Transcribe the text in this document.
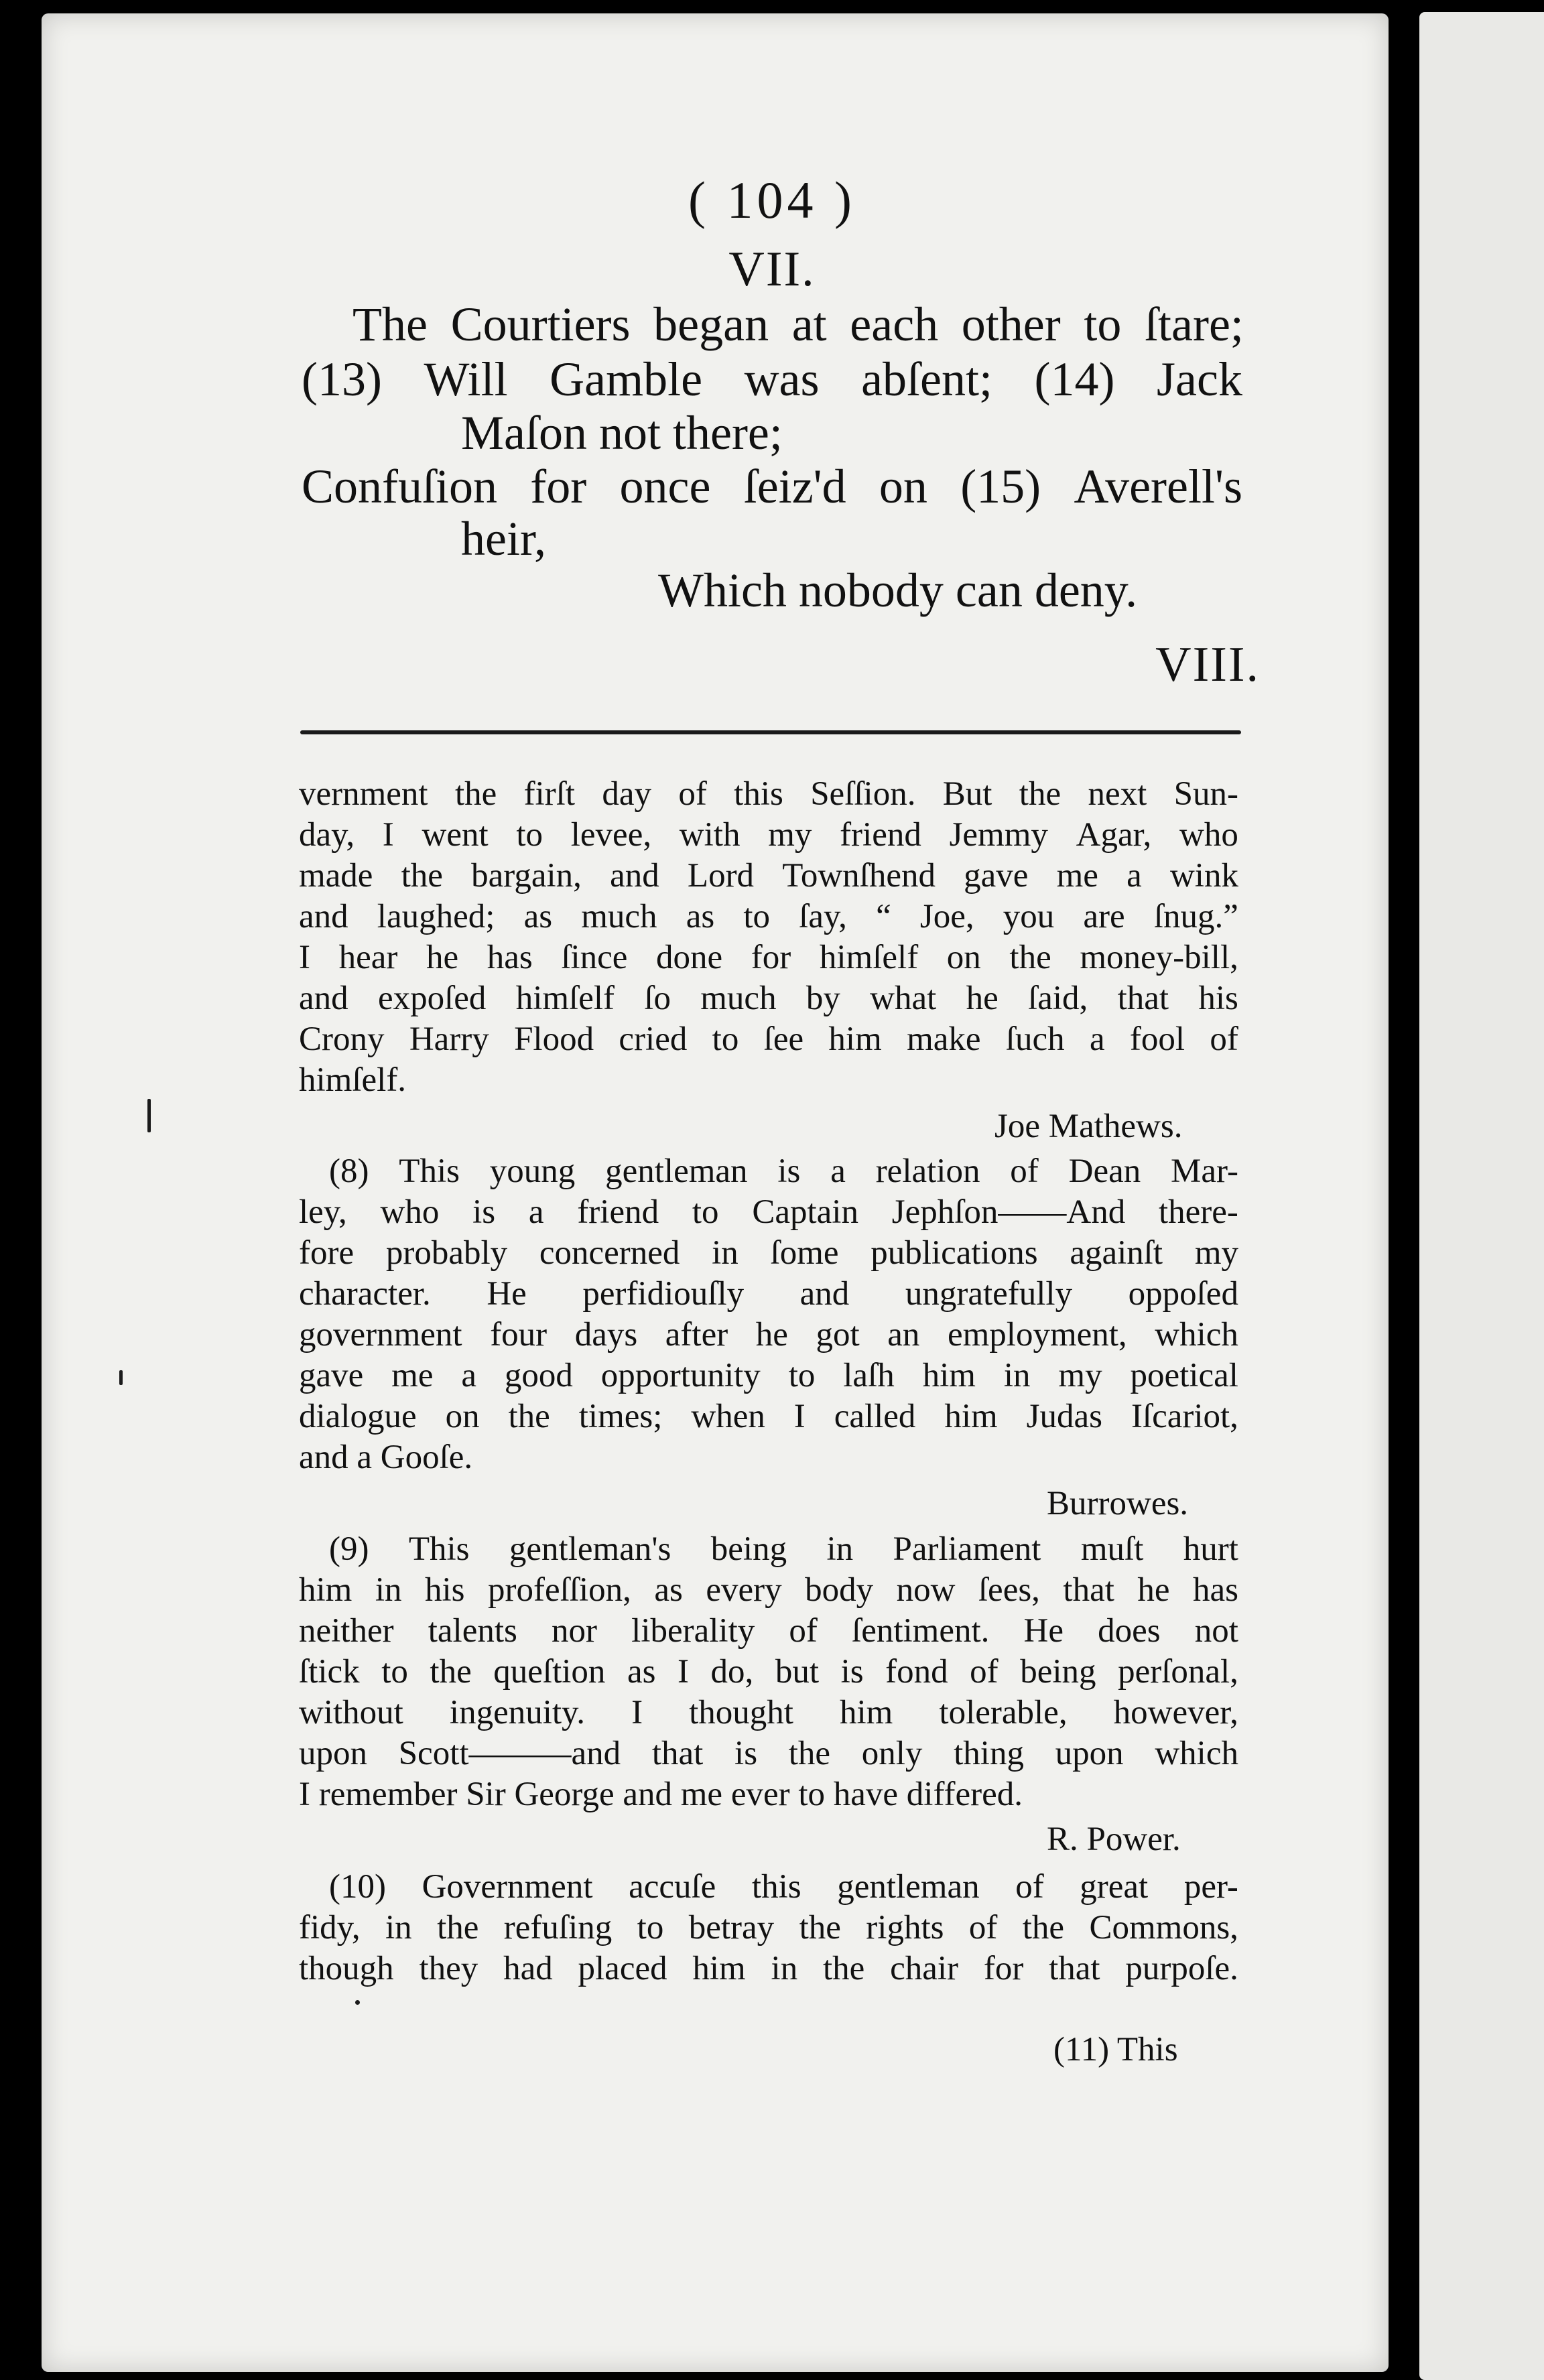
( 104 )
VII.
The Courtiers began at each other to ſtare;
(13) Will Gamble was abſent; (14) Jack
Maſon not there;
Confuſion for once ſeiz'd on (15) Averell's
heir,
Which nobody can deny.
VIII.
vernment the firſt day of this Seſſion. But the next Sun-
day, I went to levee, with my friend Jemmy Agar, who
made the bargain, and Lord Townſhend gave me a wink
and laughed; as much as to ſay, “ Joe, you are ſnug.”
I hear he has ſince done for himſelf on the money-bill,
and expoſed himſelf ſo much by what he ſaid, that his
Crony Harry Flood cried to ſee him make ſuch a fool of
himſelf.
Joe Mathews.
(8) This young gentleman is a relation of Dean Mar-
ley, who is a friend to Captain Jephſon——And there-
fore probably concerned in ſome publications againſt my
character. He perfidiouſly and ungratefully oppoſed
government four days after he got an employment, which
gave me a good opportunity to laſh him in my poetical
dialogue on the times; when I called him Judas Iſcariot,
and a Gooſe.
Burrowes.
(9) This gentleman's being in Parliament muſt hurt
him in his profeſſion, as every body now ſees, that he has
neither talents nor liberality of ſentiment. He does not
ſtick to the queſtion as I do, but is fond of being perſonal,
without ingenuity. I thought him tolerable, however,
upon Scott———and that is the only thing upon which
I remember Sir George and me ever to have differed.
R. Power.
(10) Government accuſe this gentleman of great per-
fidy, in the refuſing to betray the rights of the Commons,
though they had placed him in the chair for that purpoſe.
(11) This
